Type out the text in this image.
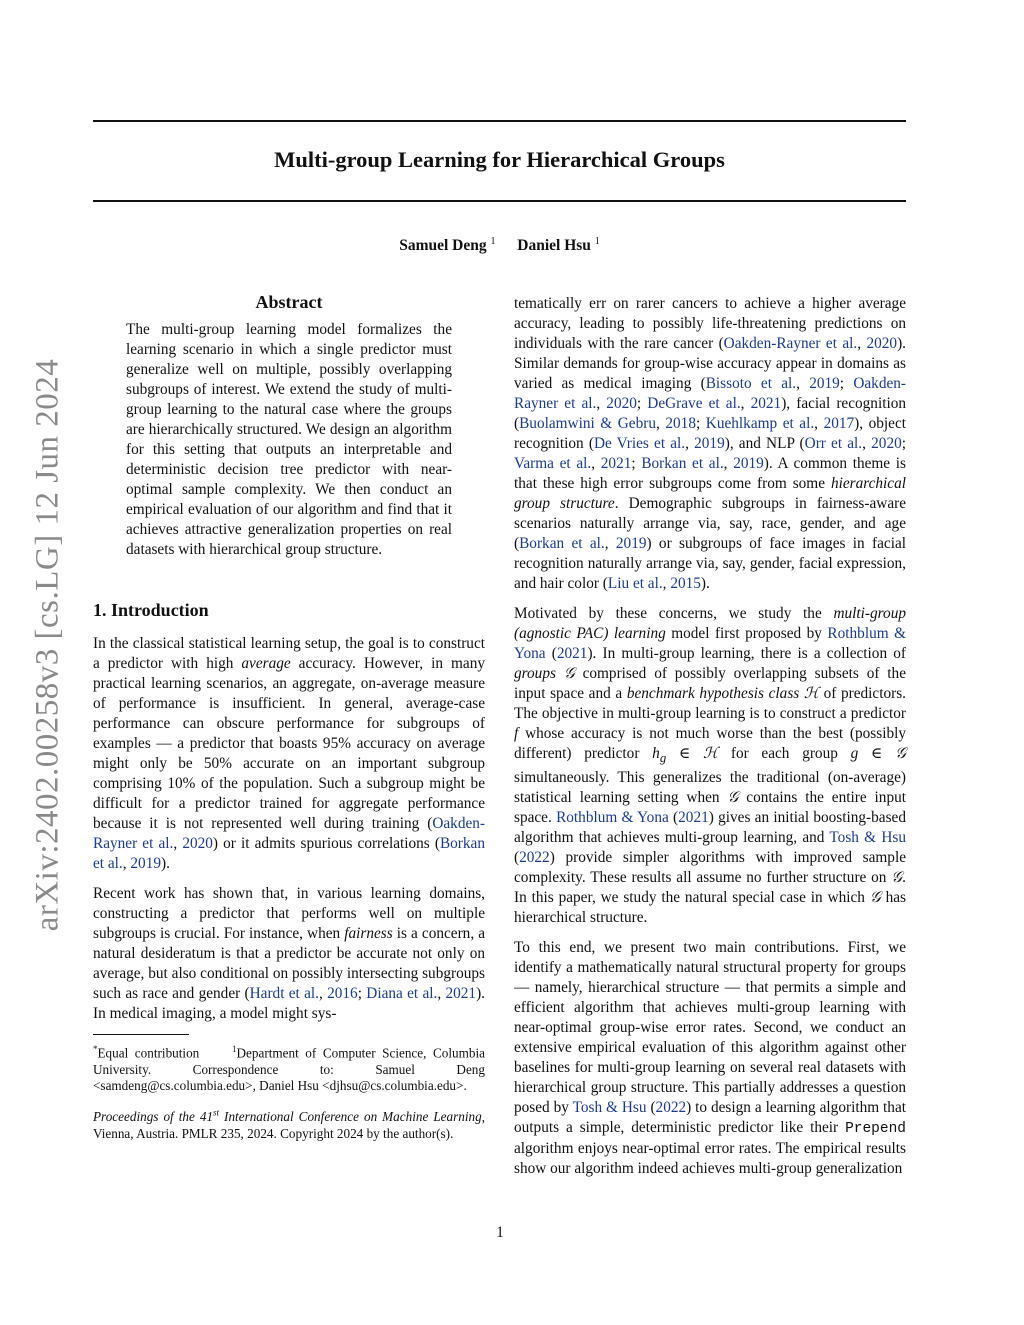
Multi-group Learning for Hierarchical Groups
Samuel Deng $^1$ Daniel Hsu $^1$
arXiv:2402.00258v3 [cs.LG] 12 Jun 2024
Abstract
The multi-group learning model formalizes the learning scenario in which a single predictor must generalize well on multiple, possibly overlapping subgroups of interest. We extend the study of multi-group learning to the natural case where the groups are hierarchically structured. We design an algorithm for this setting that outputs an interpretable and deterministic decision tree predictor with near-optimal sample complexity. We then conduct an empirical evaluation of our algorithm and find that it achieves attractive generalization properties on real datasets with hierarchical group structure.
1. Introduction

In the classical statistical learning setup, the goal is to construct a predictor with high average accuracy. However, in many practical learning scenarios, an aggregate, on-average measure of performance is insufficient. In general, average-case performance can obscure performance for subgroups of examples — a predictor that boasts 95% accuracy on average might only be 50% accurate on an important subgroup comprising 10% of the population. Such a subgroup might be difficult for a predictor trained for aggregate performance because it is not represented well during training (Oakden-Rayner et al., 2020) or it admits spurious correlations (Borkan et al., 2019).

Recent work has shown that, in various learning domains, constructing a predictor that performs well on multiple subgroups is crucial. For instance, when fairness is a concern, a natural desideratum is that a predictor be accurate not only on average, but also conditional on possibly intersecting subgroups such as race and gender (Hardt et al., 2016; Diana et al., 2021). In medical imaging, a model might sys-

*Equal contribution	$^1$Department of Computer Science, Columbia University. Correspondence to: Samuel Deng <samdeng@cs.columbia.edu>, Daniel Hsu <djhsu@cs.columbia.edu>.
Proceedings of the 41st International Conference on Machine Learning, Vienna, Austria. PMLR 235, 2024. Copyright 2024 by the author(s).

tematically err on rarer cancers to achieve a higher average accuracy, leading to possibly life-threatening predictions on individuals with the rare cancer (Oakden-Rayner et al., 2020). Similar demands for group-wise accuracy appear in domains as varied as medical imaging (Bissoto et al., 2019; Oakden-Rayner et al., 2020; DeGrave et al., 2021), facial recognition (Buolamwini & Gebru, 2018; Kuehlkamp et al., 2017), object recognition (De Vries et al., 2019), and NLP (Orr et al., 2020; Varma et al., 2021; Borkan et al., 2019). A common theme is that these high error subgroups come from some hierarchical group structure. Demographic subgroups in fairness-aware scenarios naturally arrange via, say, race, gender, and age (Borkan et al., 2019) or subgroups of face images in facial recognition naturally arrange via, say, gender, facial expression, and hair color (Liu et al., 2015).

Motivated by these concerns, we study the multi-group (agnostic PAC) learning model first proposed by Rothblum & Yona (2021). In multi-group learning, there is a collection of groups 𝒢 comprised of possibly overlapping subsets of the input space and a benchmark hypothesis class ℋ of predictors. The objective in multi-group learning is to construct a predictor f whose accuracy is not much worse than the best (possibly different) predictor $h_g$ ∈ ℋ for each group g ∈ 𝒢 simultaneously. This generalizes the traditional (on-average) statistical learning setting when 𝒢 contains the entire input space. Rothblum & Yona (2021) gives an initial boosting-based algorithm that achieves multi-group learning, and Tosh & Hsu (2022) provide simpler algorithms with improved sample complexity. These results all assume no further structure on 𝒢. In this paper, we study the natural special case in which 𝒢 has hierarchical structure.

To this end, we present two main contributions. First, we identify a mathematically natural structural property for groups — namely, hierarchical structure — that permits a simple and efficient algorithm that achieves multi-group learning with near-optimal group-wise error rates. Second, we conduct an extensive empirical evaluation of this algorithm against other baselines for multi-group learning on several real datasets with hierarchical group structure. This partially addresses a question posed by Tosh & Hsu (2022) to design a learning algorithm that outputs a simple, deterministic predictor like their Prepend algorithm enjoys near-optimal error rates. The empirical results show our algorithm indeed achieves multi-group generalization

1
